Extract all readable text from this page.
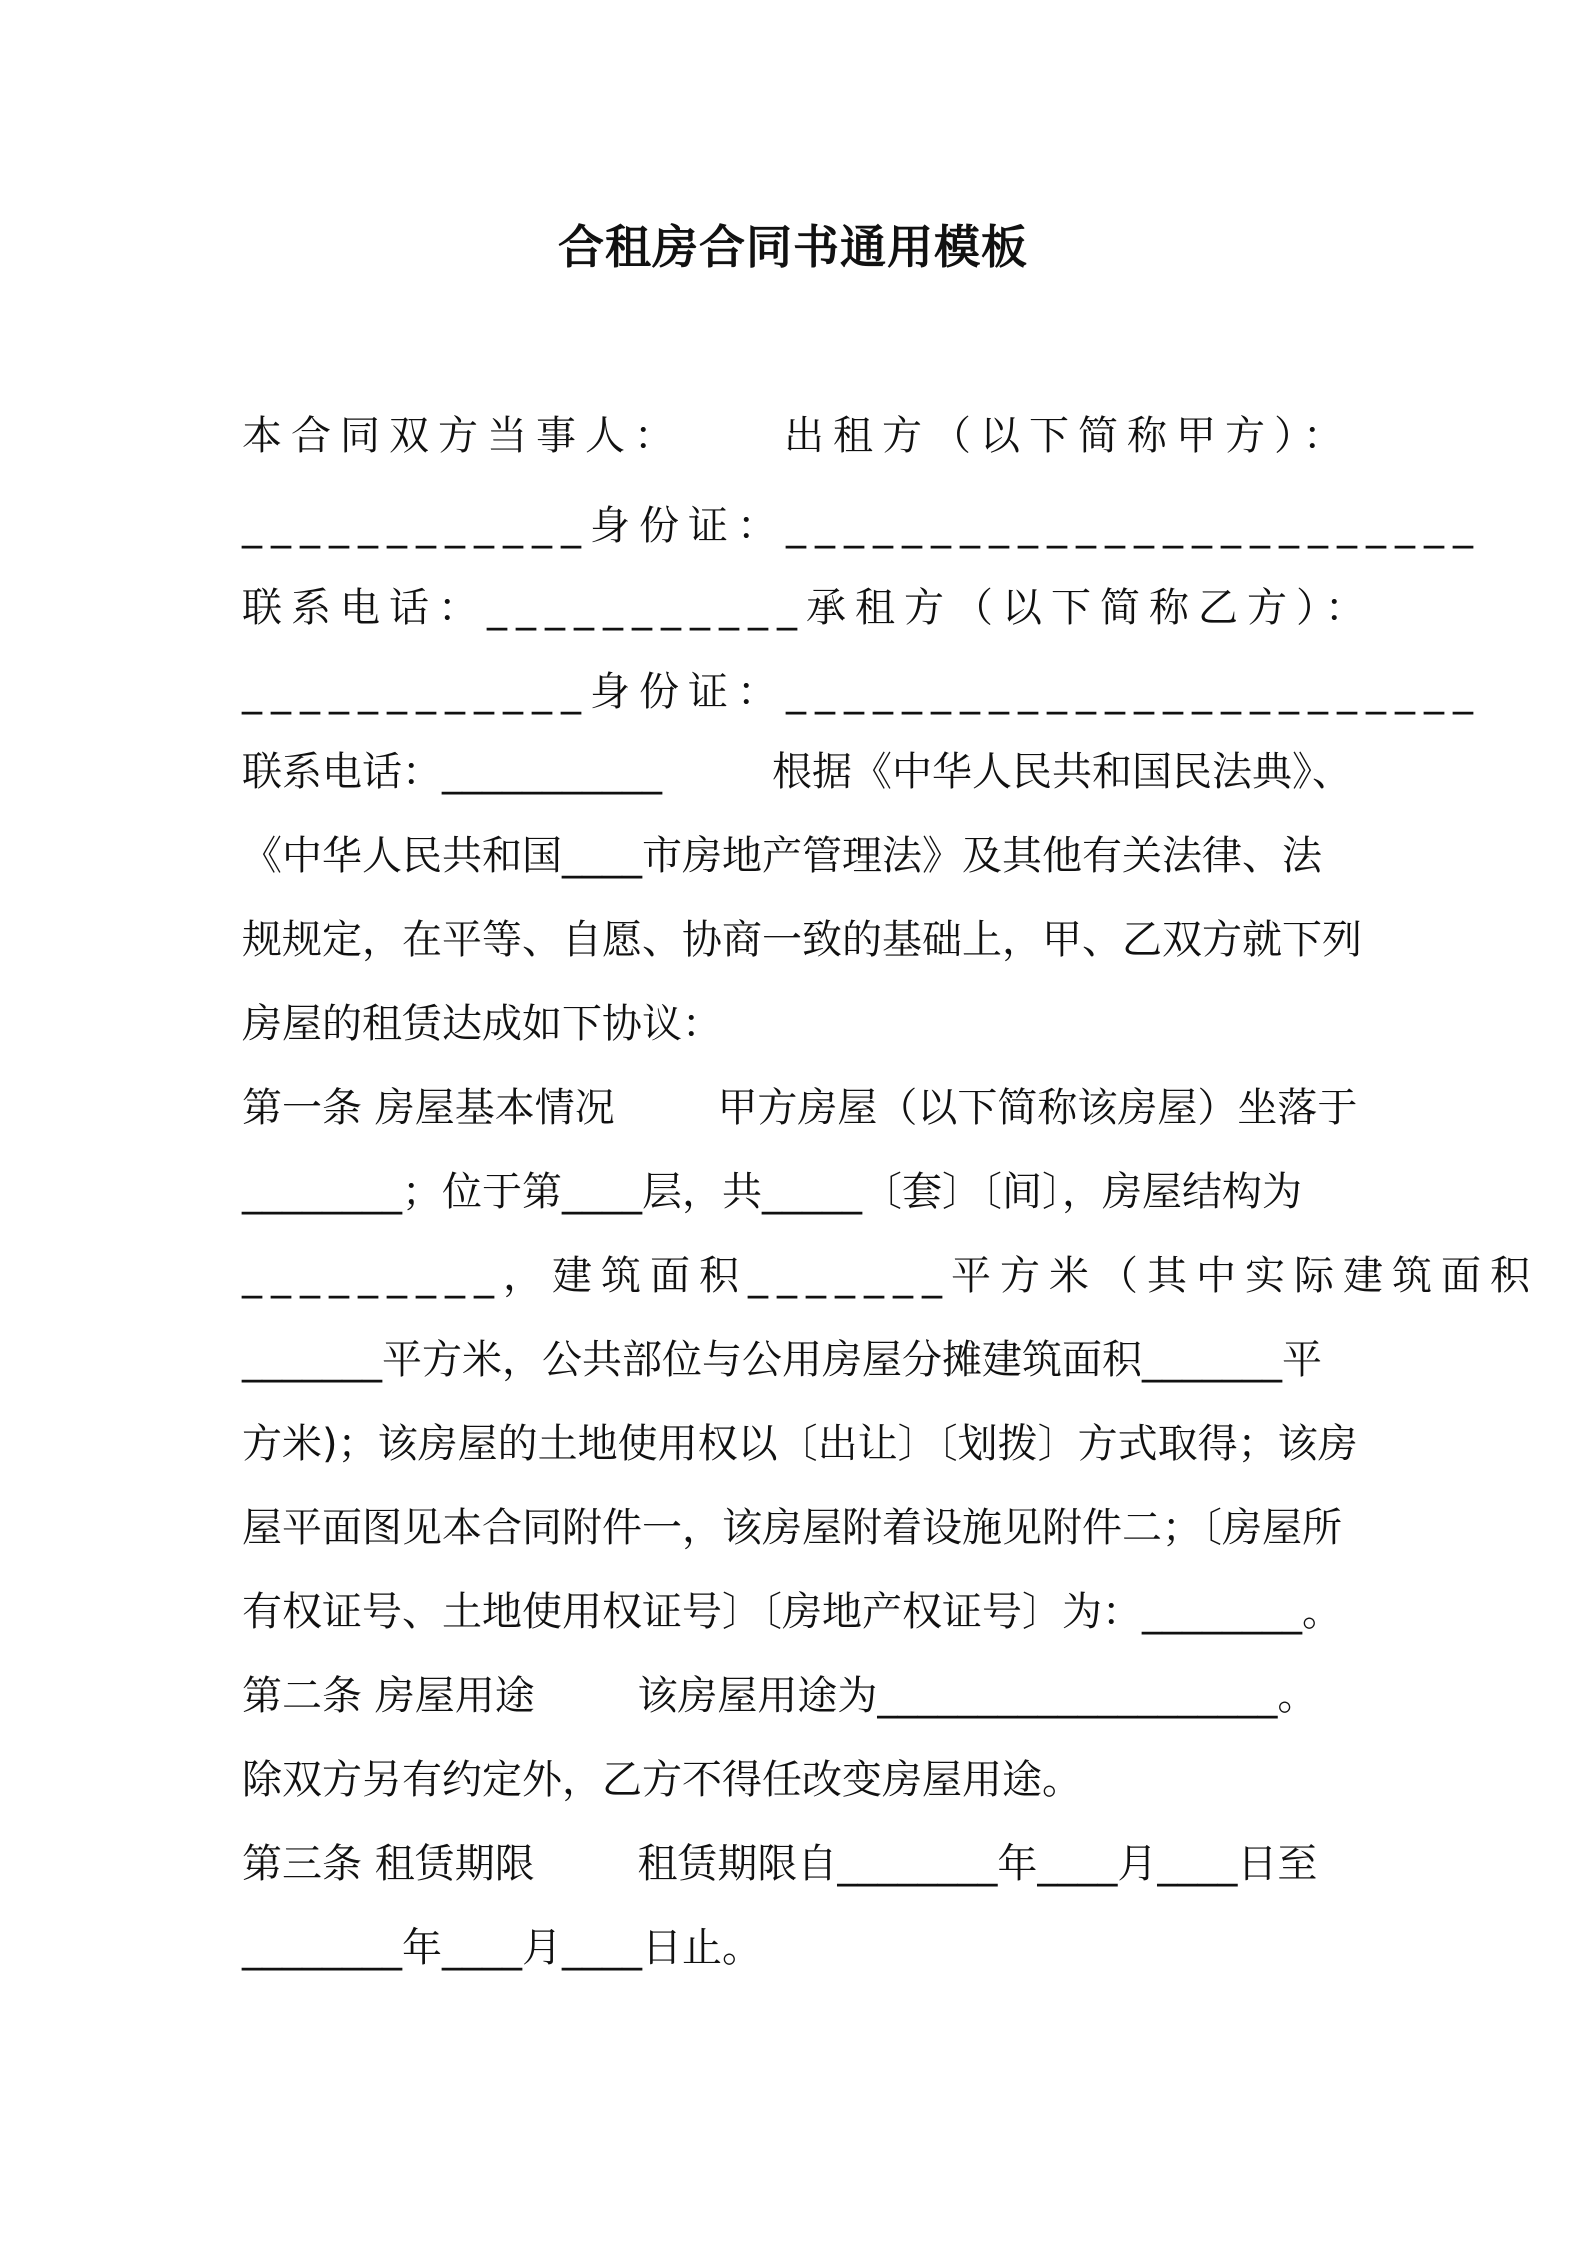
合租房合同书通用模板
本合同双方当事人：	出租方（以下简称甲方）：
____________ 身份证： ________________________
联系电话：___________ 承租方（以下简称乙方）：
____________ 身份证： ________________________
联系电话：___________	根据《中华人民共和国民法典》、
《中华人民共和国____市房地产管理法》及其他有关法律、法
规规定，在平等、自愿、协商一致的基础上，甲、乙双方就下列
房屋的租赁达成如下协议：
第一条 房屋基本情况	甲方房屋（以下简称该房屋）坐落于
________；位于第____层，共_____〔套〕〔间〕，房屋结构为
_________，建筑面积_______平方米（其中实际建筑面积
_______平方米，公共部位与公用房屋分摊建筑面积_______平
方米)；该房屋的土地使用权以〔出让〕〔划拨〕方式取得；该房
屋平面图见本合同附件一，该房屋附着设施见附件二；〔房屋所
有权证号、土地使用权证号〕〔房地产权证号〕为：________。
第二条 房屋用途	该房屋用途为____________________。
除双方另有约定外，乙方不得任改变房屋用途。
第三条 租赁期限	租赁期限自________年____月____日至
________年____月____日止。
